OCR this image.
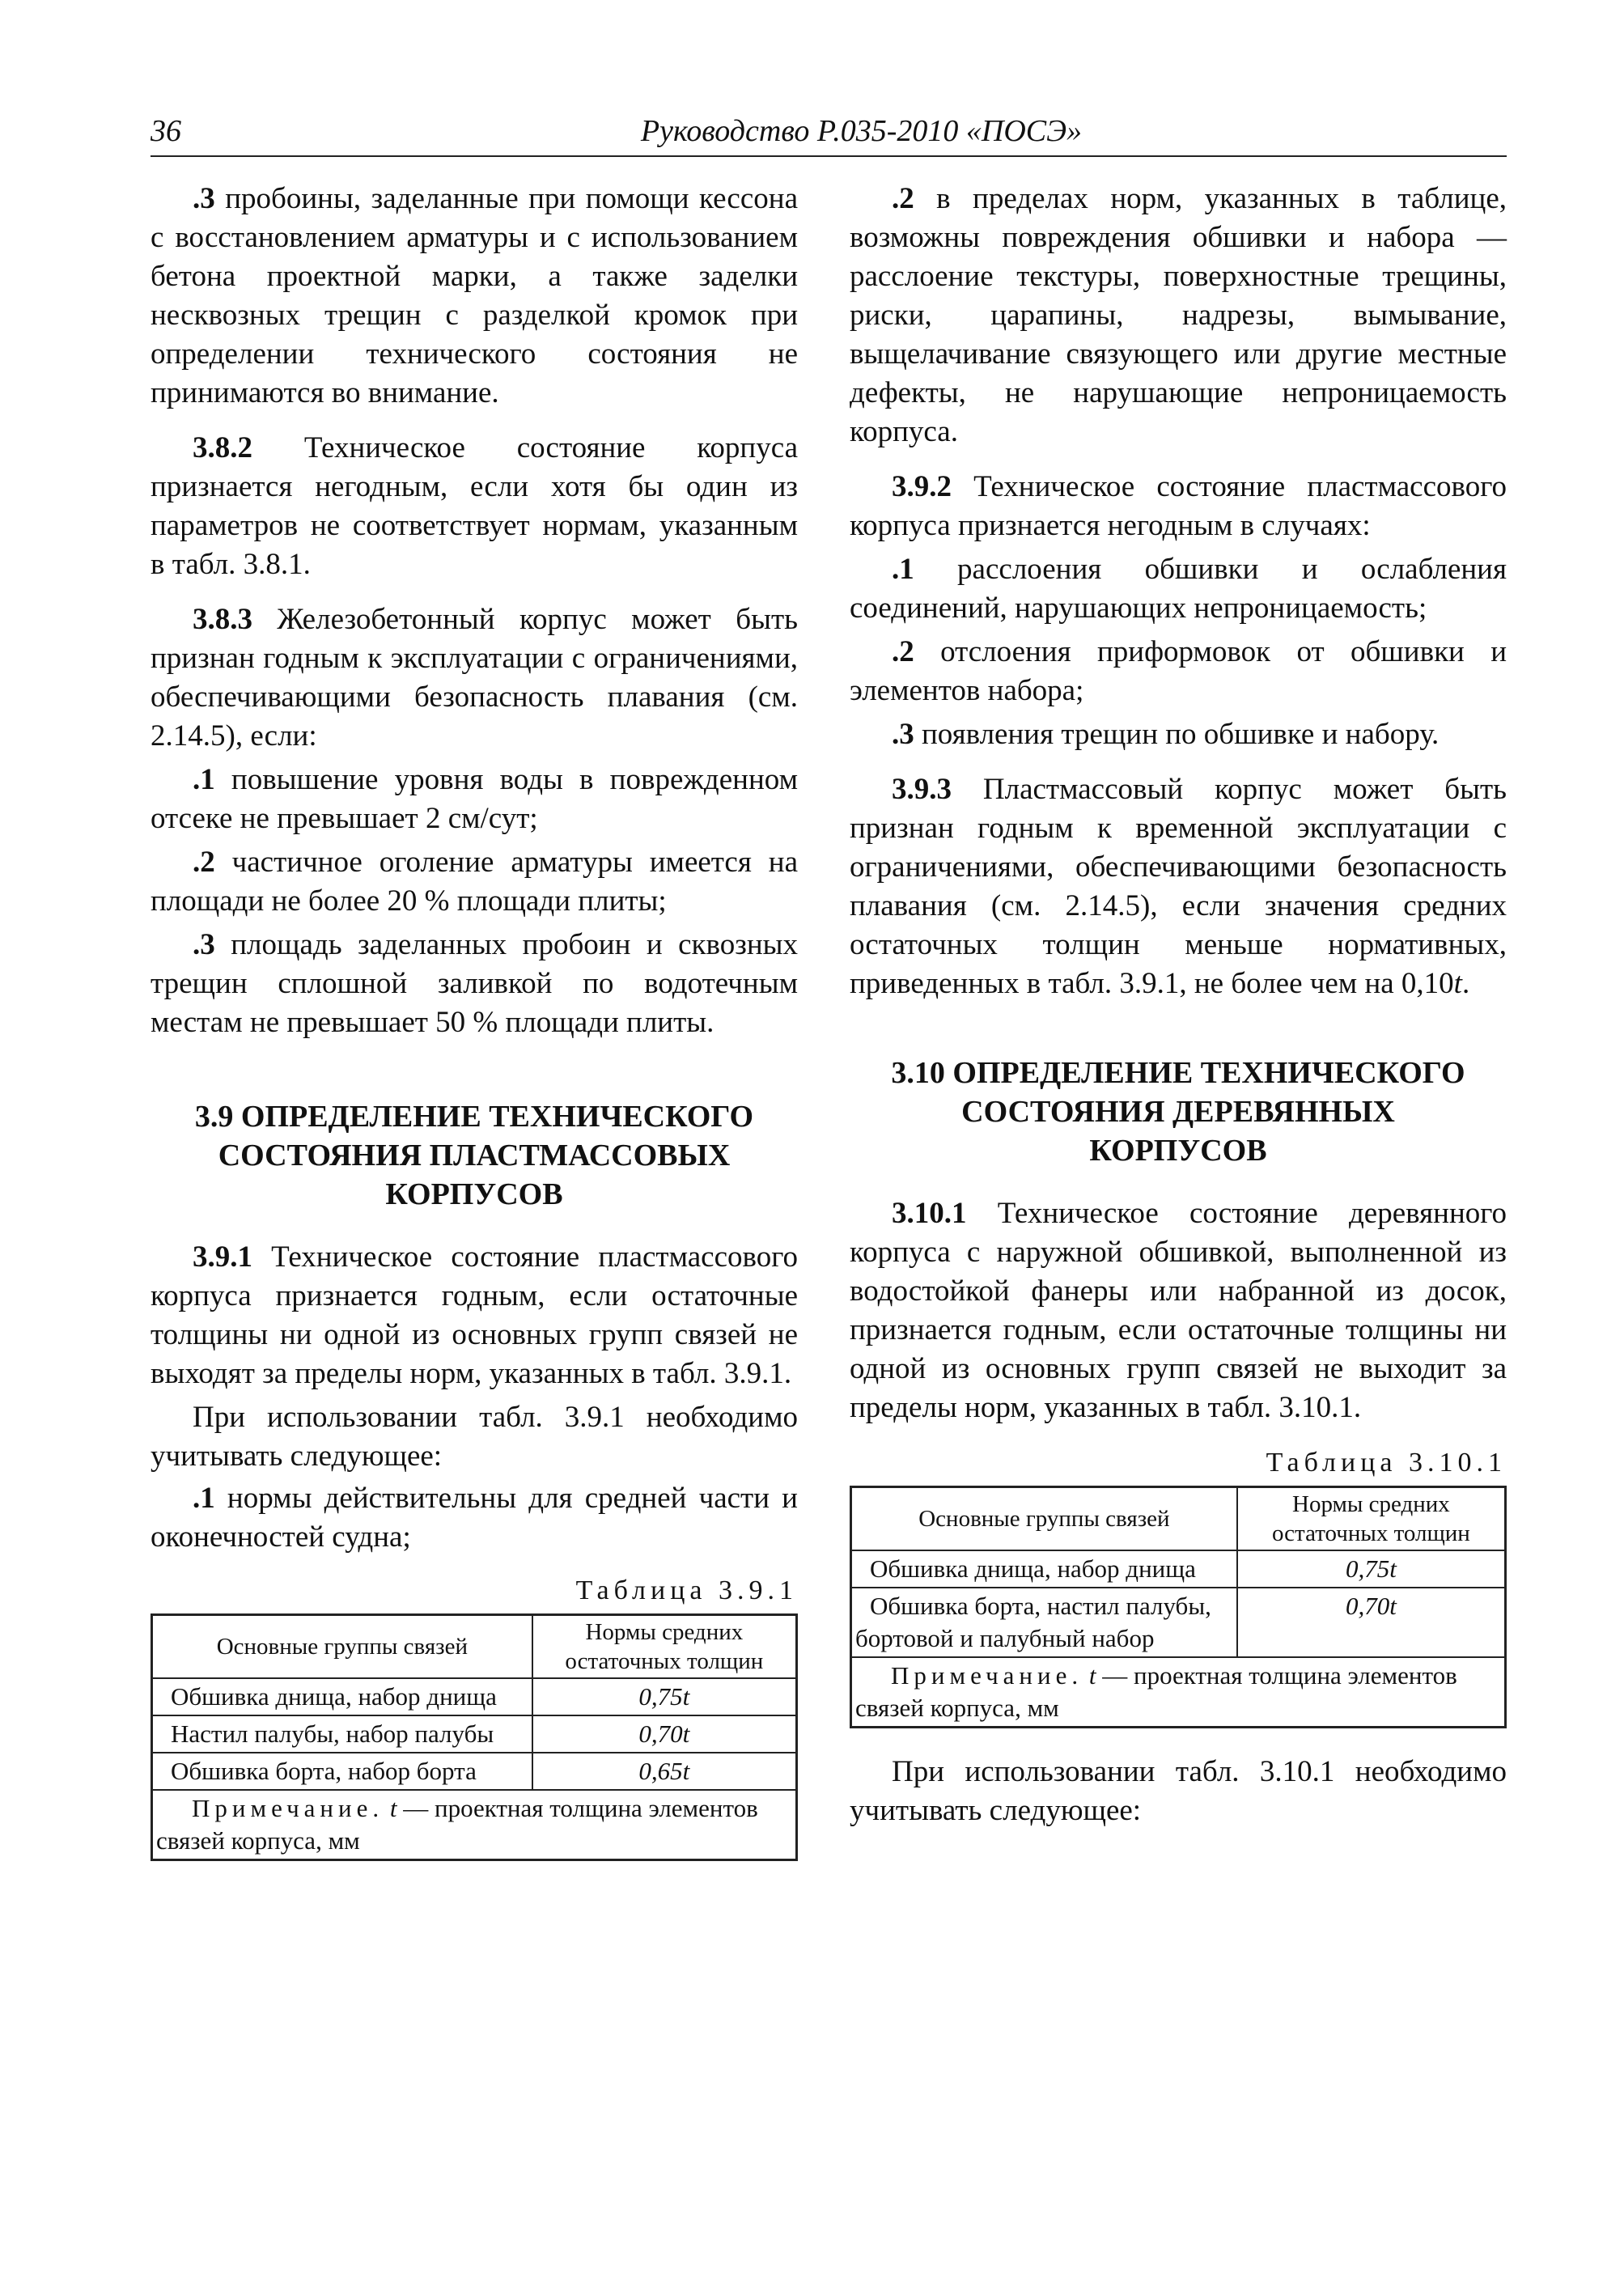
36	Руководство Р.035-2010 «ПОСЭ»

.3 пробоины, заделанные при помощи кессона с восстановлением арматуры и с использованием бетона проектной марки, а также заделки несквозных трещин с разделкой кромок при определении технического состояния не принимаются во внимание.

3.8.2 Техническое состояние корпуса признается негодным, если хотя бы один из параметров не соответствует нормам, указанным в табл. 3.8.1.

3.8.3 Железобетонный корпус может быть признан годным к эксплуатации с ограничениями, обеспечивающими безопасность плавания (см. 2.14.5), если:

.1 повышение уровня воды в поврежденном отсеке не превышает 2 см/сут;

.2 частичное оголение арматуры имеется на площади не более 20 % площади плиты;

.3 площадь заделанных пробоин и сквозных трещин сплошной заливкой по водотечным местам не превышает 50 % площади плиты.

3.9 ОПРЕДЕЛЕНИЕ ТЕХНИЧЕСКОГО
СОСТОЯНИЯ ПЛАСТМАССОВЫХ
КОРПУСОВ

3.9.1 Техническое состояние пластмассового корпуса признается годным, если остаточные толщины ни одной из основных групп связей не выходят за пределы норм, указанных в табл. 3.9.1.

При использовании табл. 3.9.1 необходимо учитывать следующее:

.1 нормы действительны для средней части и оконечностей судна;

Таблица 3.9.1
Основные группы связей	Нормы средних остаточных толщин
Обшивка днища, набор днища	0,75t
Настил палубы, набор палубы	0,70t
Обшивка борта, набор борта	0,65t
Примечание. t — проектная толщина элементов связей корпуса, мм	

.2 в пределах норм, указанных в таблице, возможны повреждения обшивки и набора — расслоение текстуры, поверхностные трещины, риски, царапины, надрезы, вымывание, выщелачивание связующего или другие местные дефекты, не нарушающие непроницаемость корпуса.

3.9.2 Техническое состояние пластмассового корпуса признается негодным в случаях:

.1 расслоения обшивки и ослабления соединений, нарушающих непроницаемость;

.2 отслоения приформовок от обшивки и элементов набора;

.3 появления трещин по обшивке и набору.

3.9.3 Пластмассовый корпус может быть признан годным к временной эксплуатации с ограничениями, обеспечивающими безопасность плавания (см. 2.14.5), если значения средних остаточных толщин меньше нормативных, приведенных в табл. 3.9.1, не более чем на 0,10t.

3.10 ОПРЕДЕЛЕНИЕ ТЕХНИЧЕСКОГО
СОСТОЯНИЯ ДЕРЕВЯННЫХ
КОРПУСОВ

3.10.1 Техническое состояние деревянного корпуса с наружной обшивкой, выполненной из водостойкой фанеры или набранной из досок, признается годным, если остаточные толщины ни одной из основных групп связей не выходит за пределы норм, указанных в табл. 3.10.1.

Таблица 3.10.1
Основные группы связей	Нормы средних остаточных толщин
Обшивка днища, набор днища	0,75t
Обшивка борта, настил палубы, бортовой и палубный набор	0,70t
Примечание. t — проектная толщина элементов связей корпуса, мм	

При использовании табл. 3.10.1 необходимо учитывать следующее:
